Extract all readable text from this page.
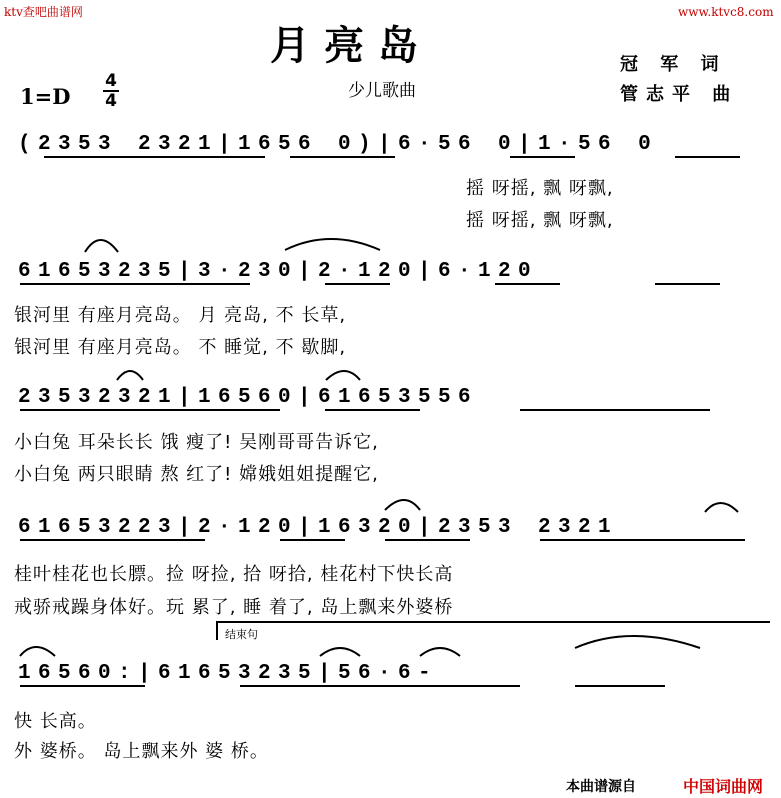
ktv查吧曲谱网	www.ktvc8.com
月亮岛	冠 军 词
管志平 曲
少儿歌曲
1=D
4
4
(2353 2321|1656 0)|6·56 0|1·56 0
摇 呀摇, 飘 呀飘,
摇 呀摇, 飘 呀飘,
61653235|3·230|2·120|6·120
银河里 有座月亮岛。 月 亮岛, 不 长草,
银河里 有座月亮岛。 不 睡觉, 不 歇脚,
23532321|16560|61653556
小白兔 耳朵长长 饿 瘦了! 吴刚哥哥告诉它,
小白兔 两只眼睛 熬 红了! 嫦娥姐姐提醒它,
61653223|2·120|16320|2353 2321
桂叶桂花也长膘。捡 呀捡, 拾 呀拾, 桂花村下快长高
戒骄戒躁身体好。玩 累了, 睡 着了, 岛上飘来外婆桥
结束句
16560:|61653235|56·6-
快 长高。
外 婆桥。 岛上飘来外 婆 桥。
本曲谱源自	中国词曲网
